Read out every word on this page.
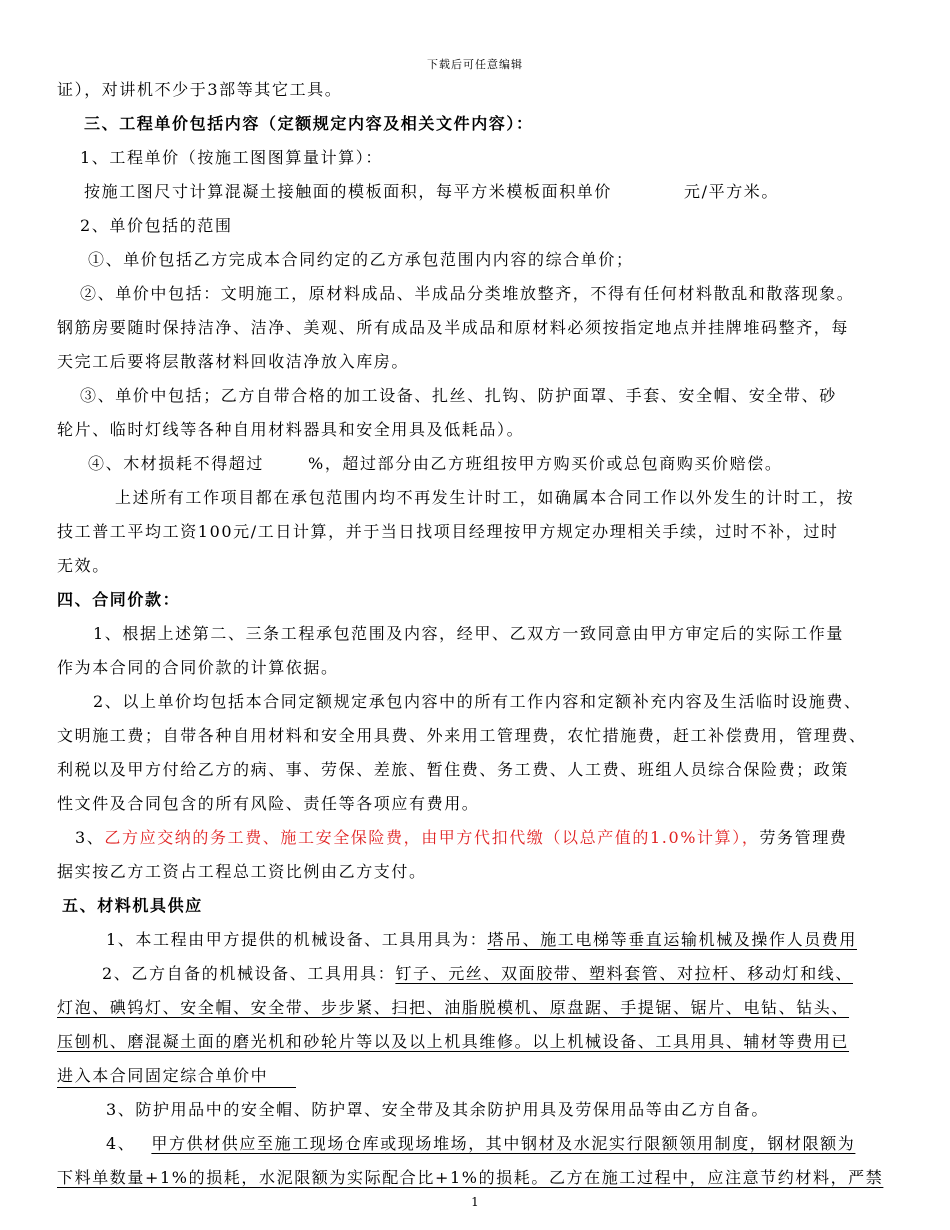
下载后可任意编辑
证），对讲机不少于3部等其它工具。
三、工程单价包括内容（定额规定内容及相关文件内容）：
1、工程单价（按施工图图算量计算）：
按施工图尺寸计算混凝土接触面的模板面积，每平方米模板面积单价	元/平方米。
2、单价包括的范围
①、单价包括乙方完成本合同约定的乙方承包范围内内容的综合单价；
②、单价中包括：文明施工，原材料成品、半成品分类堆放整齐，不得有任何材料散乱和散落现象。
钢筋房要随时保持洁净、洁净、美观、所有成品及半成品和原材料必须按指定地点并挂牌堆码整齐，每
天完工后要将层散落材料回收洁净放入库房。
③、单价中包括；乙方自带合格的加工设备、扎丝、扎钩、防护面罩、手套、安全帽、安全带、砂
轮片、临时灯线等各种自用材料器具和安全用具及低耗品）。
④、木材损耗不得超过	%，超过部分由乙方班组按甲方购买价或总包商购买价赔偿。
上述所有工作项目都在承包范围内均不再发生计时工，如确属本合同工作以外发生的计时工，按
技工普工平均工资100元/工日计算，并于当日找项目经理按甲方规定办理相关手续，过时不补，过时
无效。
四、合同价款：
1、根据上述第二、三条工程承包范围及内容，经甲、乙双方一致同意由甲方审定后的实际工作量
作为本合同的合同价款的计算依据。
2、以上单价均包括本合同定额规定承包内容中的所有工作内容和定额补充内容及生活临时设施费、
文明施工费；自带各种自用材料和安全用具费、外来用工管理费，农忙措施费，赶工补偿费用，管理费、
利税以及甲方付给乙方的病、事、劳保、差旅、暂住费、务工费、人工费、班组人员综合保险费；政策
性文件及合同包含的所有风险、责任等各项应有费用。
3、乙方应交纳的务工费、施工安全保险费，由甲方代扣代缴（以总产值的1.0%计算），劳务管理费
据实按乙方工资占工程总工资比例由乙方支付。
五、材料机具供应
1、本工程由甲方提供的机械设备、工具用具为：塔吊、施工电梯等垂直运输机械及操作人员费用
2、乙方自备的机械设备、工具用具：钉子、元丝、双面胶带、塑料套管、对拉杆、移动灯和线、
灯泡、碘钨灯、安全帽、安全带、步步紧、扫把、油脂脱模机、原盘踞、手提锯、锯片、电钻、钻头、
压刨机、磨混凝土面的磨光机和砂轮片等以及以上机具维修。以上机械设备、工具用具、辅材等费用已
进入本合同固定综合单价中
3、防护用品中的安全帽、防护罩、安全带及其余防护用具及劳保用品等由乙方自备。
4、 甲方供材供应至施工现场仓库或现场堆场，其中钢材及水泥实行限额领用制度，钢材限额为
下料单数量+1%的损耗，水泥限额为实际配合比+1%的损耗。乙方在施工过程中，应注意节约材料，严禁
1
